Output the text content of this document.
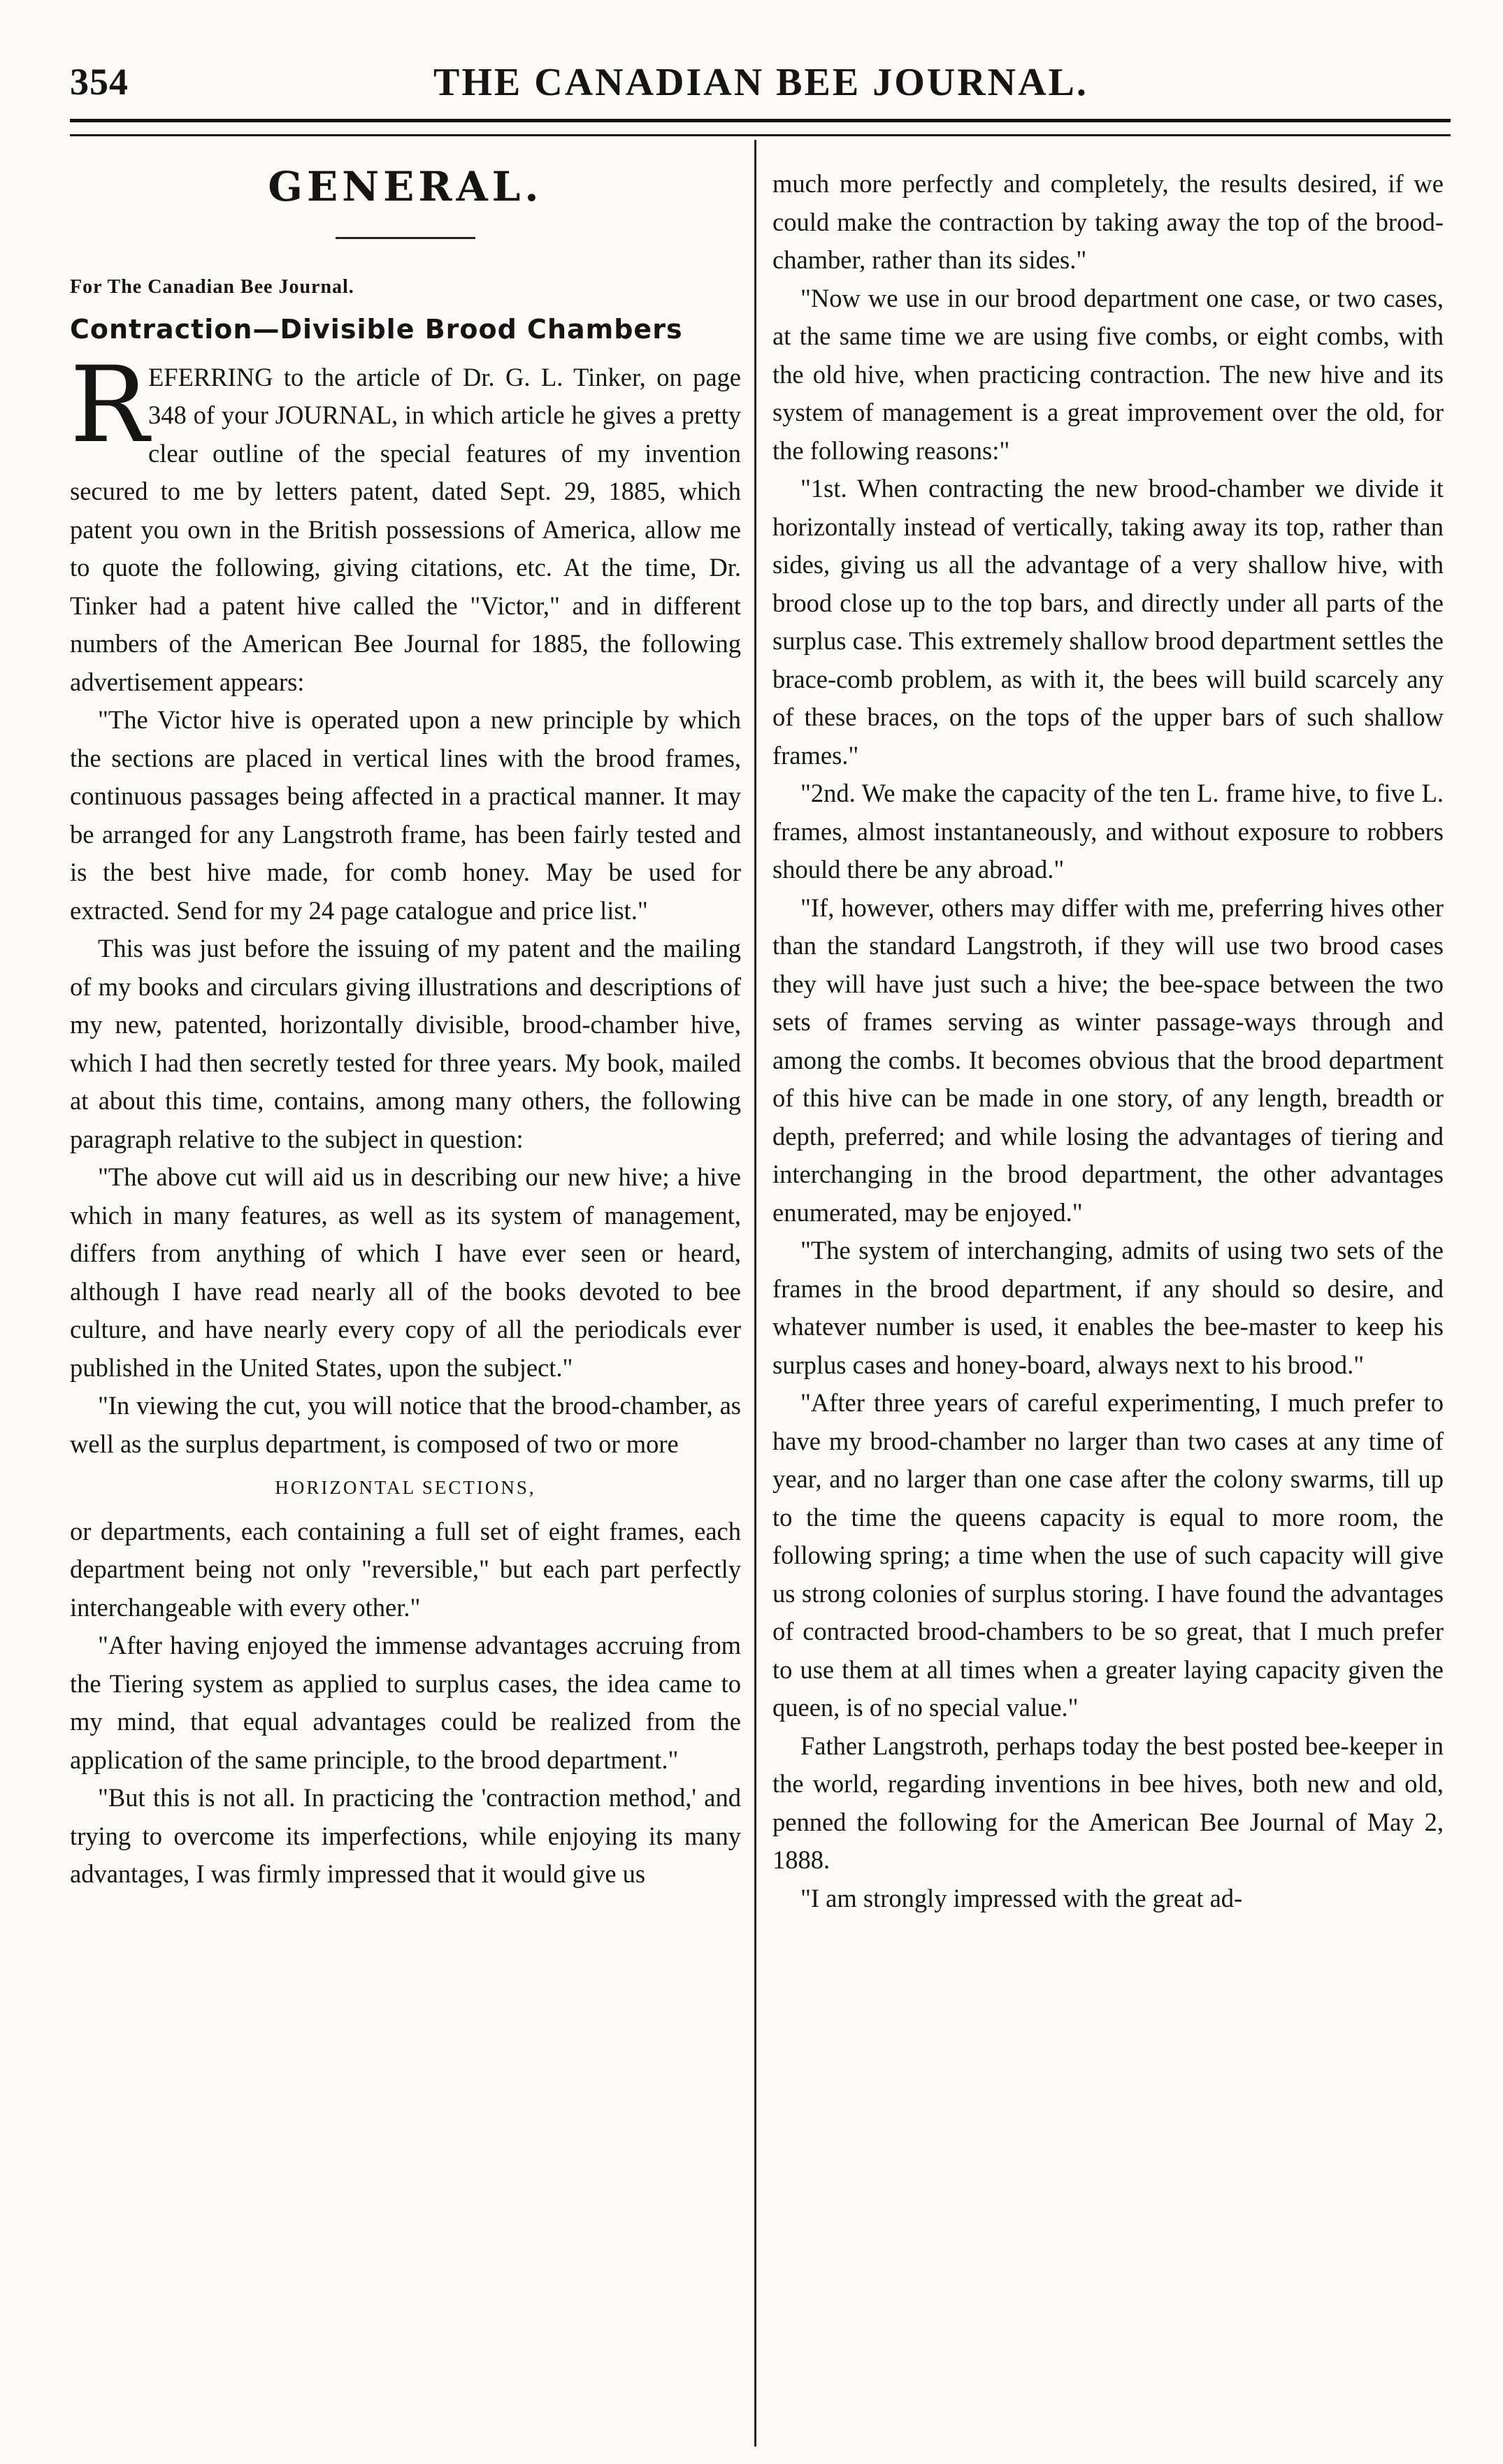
354	THE CANADIAN BEE JOURNAL.
GENERAL.
For The Canadian Bee Journal.
Contraction—Divisible Brood Chambers

REFERRING to the article of Dr. G. L. Tinker, on page 348 of your JOURNAL, in which article he gives a pretty clear outline of the special features of my invention secured to me by letters patent, dated Sept. 29, 1885, which patent you own in the British possessions of America, allow me to quote the following, giving citations, etc. At the time, Dr. Tinker had a patent hive called the "Victor," and in different numbers of the American Bee Journal for 1885, the following advertisement appears:

"The Victor hive is operated upon a new principle by which the sections are placed in vertical lines with the brood frames, continuous passages being affected in a practical manner. It may be arranged for any Langstroth frame, has been fairly tested and is the best hive made, for comb honey. May be used for extracted. Send for my 24 page catalogue and price list."

This was just before the issuing of my patent and the mailing of my books and circulars giving illustrations and descriptions of my new, patented, horizontally divisible, brood-chamber hive, which I had then secretly tested for three years. My book, mailed at about this time, contains, among many others, the following paragraph relative to the subject in question:

"The above cut will aid us in describing our new hive; a hive which in many features, as well as its system of management, differs from anything of which I have ever seen or heard, although I have read nearly all of the books devoted to bee culture, and have nearly every copy of all the periodicals ever published in the United States, upon the subject."

"In viewing the cut, you will notice that the brood-chamber, as well as the surplus department, is composed of two or more

HORIZONTAL SECTIONS,

or departments, each containing a full set of eight frames, each department being not only "reversible," but each part perfectly interchangeable with every other."

"After having enjoyed the immense advantages accruing from the Tiering system as applied to surplus cases, the idea came to my mind, that equal advantages could be realized from the application of the same principle, to the brood department."

"But this is not all. In practicing the 'contraction method,' and trying to overcome its imperfections, while enjoying its many advantages, I was firmly impressed that it would give us

much more perfectly and completely, the results desired, if we could make the contraction by taking away the top of the brood-chamber, rather than its sides."

"Now we use in our brood department one case, or two cases, at the same time we are using five combs, or eight combs, with the old hive, when practicing contraction. The new hive and its system of management is a great improvement over the old, for the following reasons:"

"1st. When contracting the new brood-chamber we divide it horizontally instead of vertically, taking away its top, rather than sides, giving us all the advantage of a very shallow hive, with brood close up to the top bars, and directly under all parts of the surplus case. This extremely shallow brood department settles the brace-comb problem, as with it, the bees will build scarcely any of these braces, on the tops of the upper bars of such shallow frames."

"2nd. We make the capacity of the ten L. frame hive, to five L. frames, almost instantaneously, and without exposure to robbers should there be any abroad."

"If, however, others may differ with me, preferring hives other than the standard Langstroth, if they will use two brood cases they will have just such a hive; the bee-space between the two sets of frames serving as winter passage-ways through and among the combs. It becomes obvious that the brood department of this hive can be made in one story, of any length, breadth or depth, preferred; and while losing the advantages of tiering and interchanging in the brood department, the other advantages enumerated, may be enjoyed."

"The system of interchanging, admits of using two sets of the frames in the brood department, if any should so desire, and whatever number is used, it enables the bee-master to keep his surplus cases and honey-board, always next to his brood."

"After three years of careful experimenting, I much prefer to have my brood-chamber no larger than two cases at any time of year, and no larger than one case after the colony swarms, till up to the time the queens capacity is equal to more room, the following spring; a time when the use of such capacity will give us strong colonies of surplus storing. I have found the advantages of contracted brood-chambers to be so great, that I much prefer to use them at all times when a greater laying capacity given the queen, is of no special value."

Father Langstroth, perhaps today the best posted bee-keeper in the world, regarding inventions in bee hives, both new and old, penned the following for the American Bee Journal of May 2, 1888.

"I am strongly impressed with the great ad-
